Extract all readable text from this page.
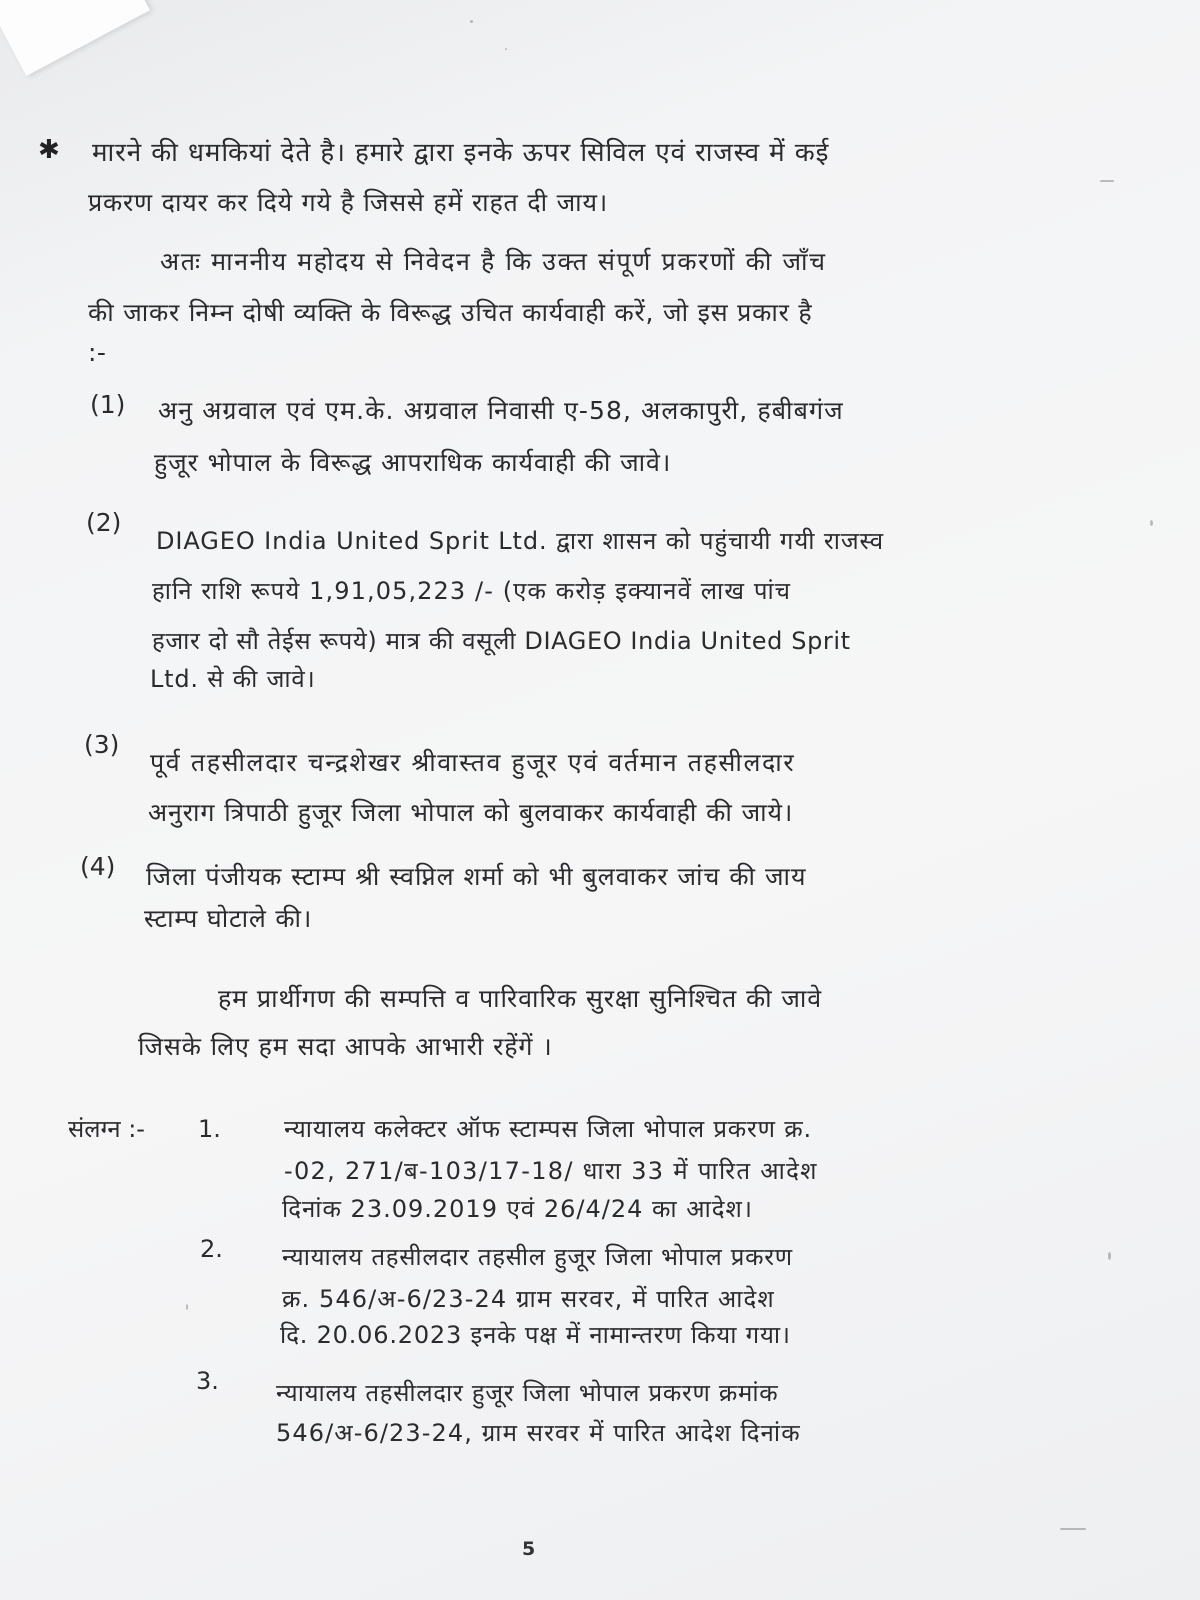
✱ मारने की धमकियां देते है। हमारे द्वारा इनके ऊपर सिविल एवं राजस्व में कई
प्रकरण दायर कर दिये गये है जिससे हमें राहत दी जाय।
अतः माननीय महोदय से निवेदन है कि उक्त संपूर्ण प्रकरणों की जाँच
की जाकर निम्न दोषी व्यक्ति के विरूद्ध उचित कार्यवाही करें, जो इस प्रकार है
:-
(1) अनु अग्रवाल एवं एम.के. अग्रवाल निवासी ए-58, अलकापुरी, हबीबगंज
हुजूर भोपाल के विरूद्ध आपराधिक कार्यवाही की जावे।
(2)
DIAGEO India United Sprit Ltd. द्वारा शासन को पहुंचायी गयी राजस्व
हानि राशि रूपये 1,91,05,223 /- (एक करोड़ इक्यानवें लाख पांच
हजार दो सौ तेईस रूपये) मात्र की वसूली DIAGEO India United Sprit
Ltd. से की जावे।
(3)
पूर्व तहसीलदार चन्द्रशेखर श्रीवास्तव हुजूर एवं वर्तमान तहसीलदार
अनुराग त्रिपाठी हुजूर जिला भोपाल को बुलवाकर कार्यवाही की जाये।
(4) जिला पंजीयक स्टाम्प श्री स्वप्निल शर्मा को भी बुलवाकर जांच की जाय
स्टाम्प घोटाले की।
हम प्रार्थीगण की सम्पत्ति व पारिवारिक सुरक्षा सुनिश्चित की जावे
जिसके लिए हम सदा आपके आभारी रहेंगें ।
संलग्न :- 1.	न्यायालय कलेक्टर ऑफ स्टाम्पस जिला भोपाल प्रकरण क्र.
-02, 271/ब-103/17-18/ धारा 33 में पारित आदेश
दिनांक 23.09.2019 एवं 26/4/24 का आदेश।
2. न्यायालय तहसीलदार तहसील हुजूर जिला भोपाल प्रकरण
क्र. 546/अ-6/23-24 ग्राम सरवर, में पारित आदेश
दि. 20.06.2023 इनके पक्ष में नामान्तरण किया गया।
3. न्यायालय तहसीलदार हुजूर जिला भोपाल प्रकरण क्रमांक
546/अ-6/23-24, ग्राम सरवर में पारित आदेश दिनांक
5
